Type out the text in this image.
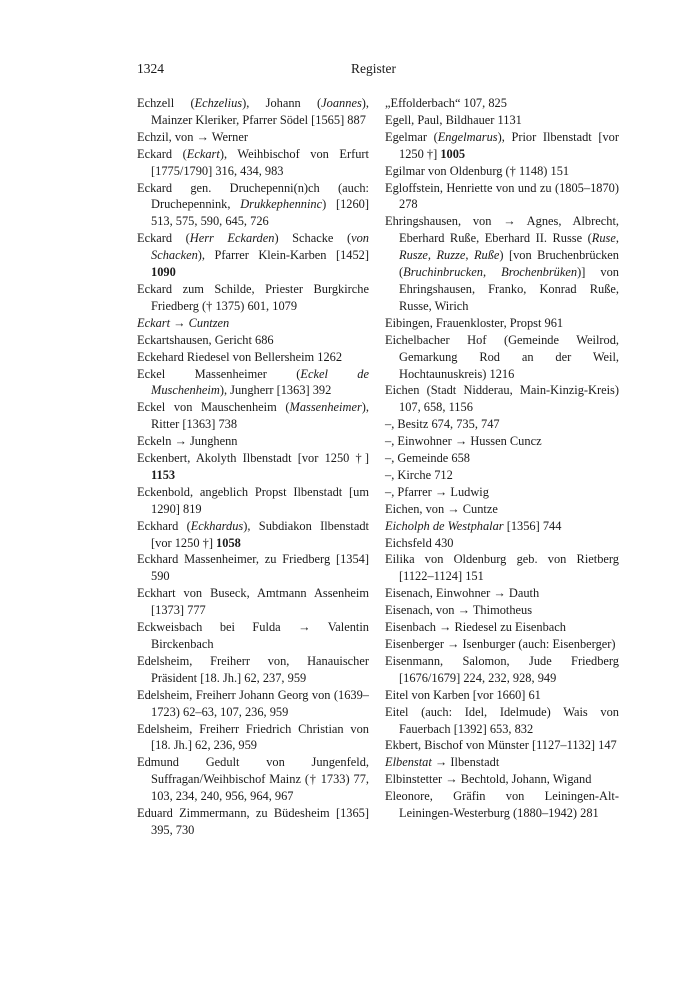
1324	Register
Echzell (Echzelius), Johann (Joannes), Mainzer Kleriker, Pfarrer Södel [1565] 887
Echzil, von → Werner
Eckard (Eckart), Weihbischof von Erfurt [1775/1790] 316, 434, 983
Eckard gen. Druchepenni(n)ch (auch: Druchepennink, Drukkephenninc) [1260] 513, 575, 590, 645, 726
Eckard (Herr Eckarden) Schacke (von Schacken), Pfarrer Klein-Karben [1452] 1090
Eckard zum Schilde, Priester Burgkirche Friedberg († 1375) 601, 1079
Eckart → Cuntzen
Eckartshausen, Gericht 686
Eckehard Riedesel von Bellersheim 1262
Eckel Massenheimer (Eckel de Muschenheim), Jungherr [1363] 392
Eckel von Mauschenheim (Massenheimer), Ritter [1363] 738
Eckeln → Junghenn
Eckenbert, Akolyth Ilbenstadt [vor 1250 †] 1153
Eckenbold, angeblich Propst Ilbenstadt [um 1290] 819
Eckhard (Eckhardus), Subdiakon Ilbenstadt [vor 1250 †] 1058
Eckhard Massenheimer, zu Friedberg [1354] 590
Eckhart von Buseck, Amtmann Assenheim [1373] 777
Eckweisbach bei Fulda → Valentin Birckenbach
Edelsheim, Freiherr von, Hanauischer Präsident [18. Jh.] 62, 237, 959
Edelsheim, Freiherr Johann Georg von (1639–1723) 62–63, 107, 236, 959
Edelsheim, Freiherr Friedrich Christian von [18. Jh.] 62, 236, 959
Edmund Gedult von Jungenfeld, Suffragan/Weihbischof Mainz († 1733) 77, 103, 234, 240, 956, 964, 967
Eduard Zimmermann, zu Büdesheim [1365] 395, 730
„Effolderbach“ 107, 825
Egell, Paul, Bildhauer 1131
Egelmar (Engelmarus), Prior Ilbenstadt [vor 1250 †] 1005
Egilmar von Oldenburg († 1148) 151
Egloffstein, Henriette von und zu (1805–1870) 278
Ehringshausen, von → Agnes, Albrecht, Eberhard Ruße, Eberhard II. Russe (Ruse, Rusze, Ruzze, Ruße) [von Bruchenbrücken (Bruchinbrucken, Brochenbrüken)] von Ehringshausen, Franko, Konrad Ruße, Russe, Wirich
Eibingen, Frauenkloster, Propst 961
Eichelbacher Hof (Gemeinde Weilrod, Gemarkung Rod an der Weil, Hochtaunuskreis) 1216
Eichen (Stadt Nidderau, Main-Kinzig-Kreis) 107, 658, 1156
–, Besitz 674, 735, 747
–, Einwohner → Hussen Cuncz
–, Gemeinde 658
–, Kirche 712
–, Pfarrer → Ludwig
Eichen, von → Cuntze
Eicholph de Westphalar [1356] 744
Eichsfeld 430
Eilika von Oldenburg geb. von Rietberg [1122–1124] 151
Eisenach, Einwohner → Dauth
Eisenach, von → Thimotheus
Eisenbach → Riedesel zu Eisenbach
Eisenberger → Isenburger (auch: Eisenberger)
Eisenmann, Salomon, Jude Friedberg [1676/1679] 224, 232, 928, 949
Eitel von Karben [vor 1660] 61
Eitel (auch: Idel, Idelmude) Wais von Fauerbach [1392] 653, 832
Ekbert, Bischof von Münster [1127–1132] 147
Elbenstat → Ilbenstadt
Elbinstetter → Bechtold, Johann, Wigand
Eleonore, Gräfin von Leiningen-Alt-Leiningen-Westerburg (1880–1942) 281
